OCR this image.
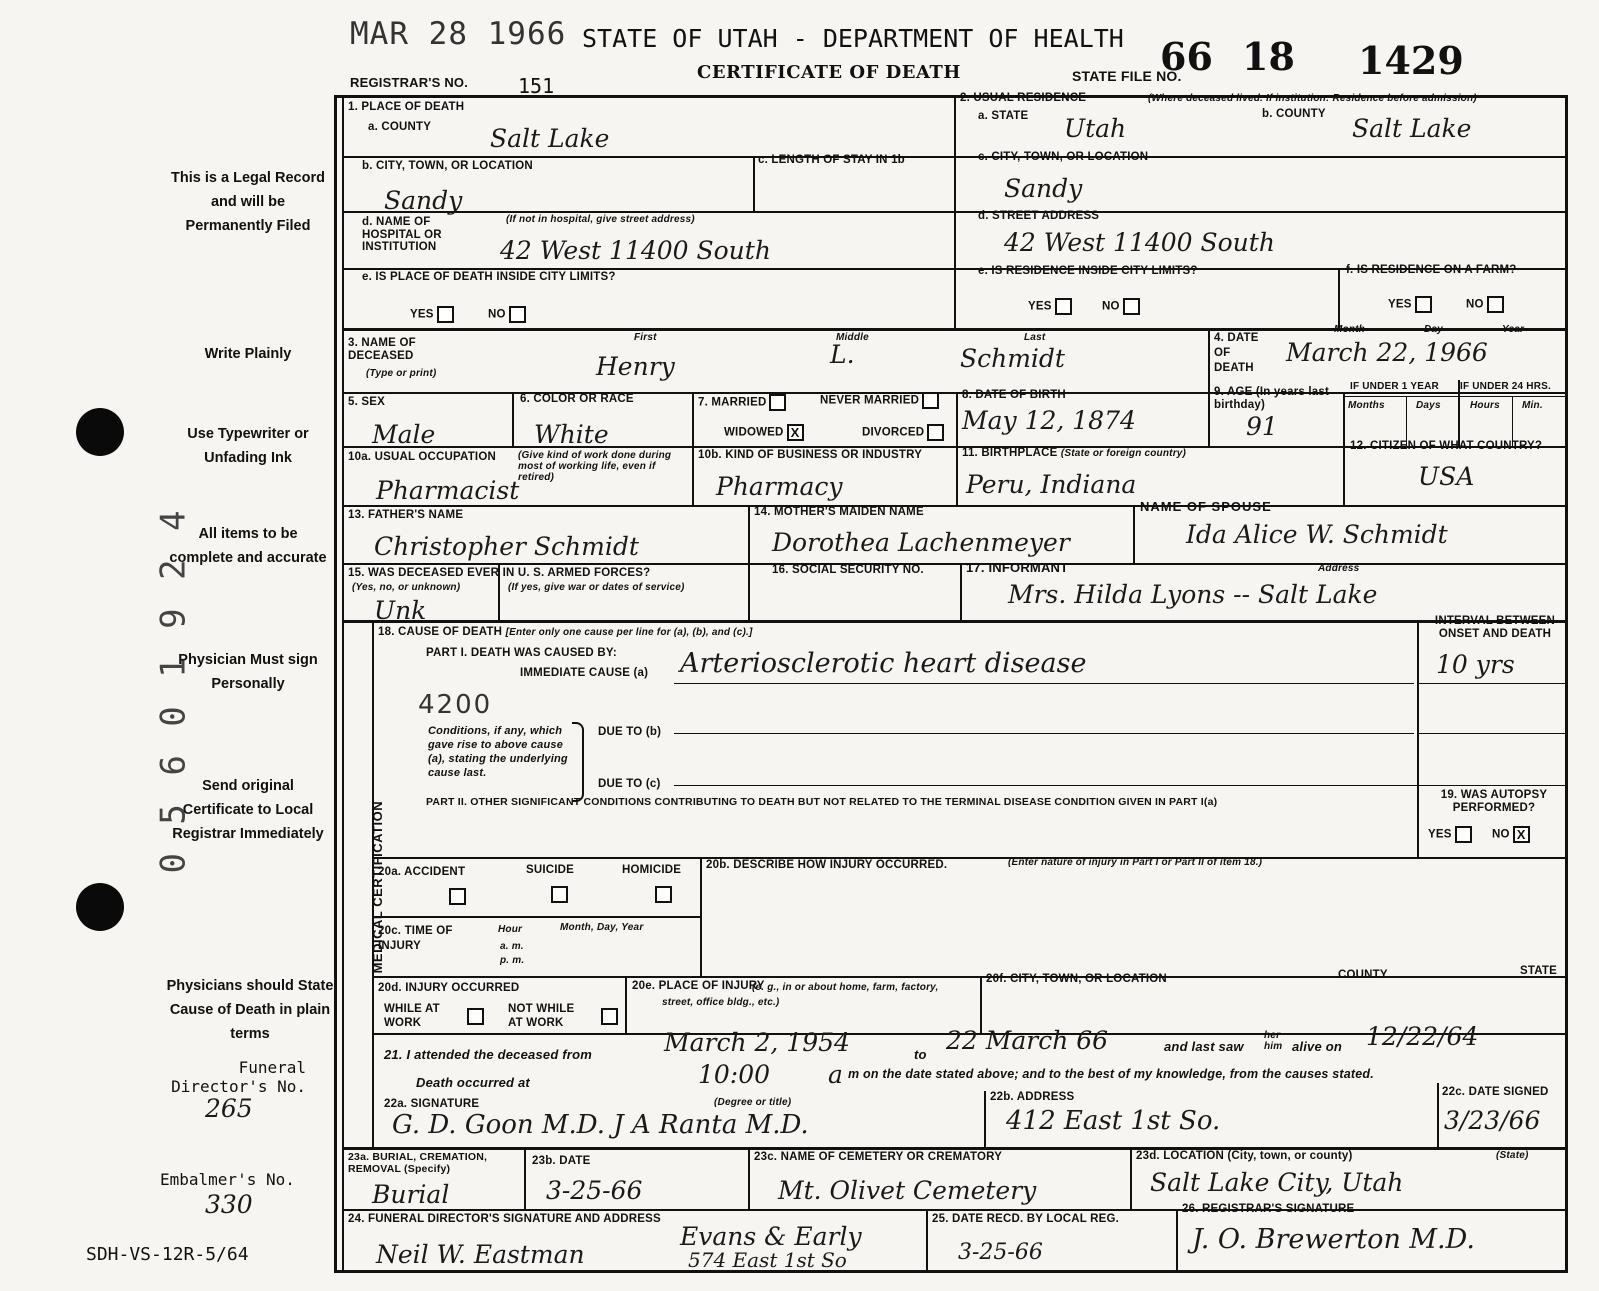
MAR 28 1966 STATE OF UTAH - DEPARTMENT OF HEALTH
CERTIFICATE OF DEATH
REGISTRAR'S NO. 151	STATE FILE NO.
66 18 1429
0 5 6 0 1 9 2 4
This is a Legal Record and will be Permanently Filed
Write Plainly
Use Typewriter or Unfading Ink
All items to be complete and accurate
Physician Must sign Personally
Send original Certificate to Local Registrar Immediately
Physicians should State Cause of Death in plain terms
Funeral Director's No.
265
Embalmer's No.
330
SDH-VS-12R-5/64
1. PLACE OF DEATH
a. COUNTY Salt Lake
2. USUAL RESIDENCE	(Where deceased lived. If institution: Residence before admission)
a. STATE Utah	b. COUNTY Salt Lake
b. CITY, TOWN, OR LOCATION
Sandy
c. LENGTH OF STAY IN 1b	c. CITY, TOWN, OR LOCATION
Sandy
d. NAME OF HOSPITAL OR INSTITUTION
(If not in hospital, give street address)
42 West 11400 South
d. STREET ADDRESS
42 West 11400 South
e. IS PLACE OF DEATH INSIDE CITY LIMITS?
YES	NO
e. IS RESIDENCE INSIDE CITY LIMITS?
YES	NO
f. IS RESIDENCE ON A FARM?
YES	NO
3. NAME OF DECEASED
(Type or print)
First	Middle	Last
Henry	L.	Schmidt
4. DATE OF DEATH
Month	Day	Year
March 22, 1966
5. SEX
Male
6. COLOR OR RACE
White
7. MARRIED	NEVER MARRIED
WIDOWED X	DIVORCED
8. DATE OF BIRTH
May 12, 1874
9. AGE (In years last birthday)
91
IF UNDER 1 YEAR IF UNDER 24 HRS.
Months	Days	Hours Min.
10a. USUAL OCCUPATION (Give kind of work done during most of working life, even if retired)
Pharmacist
10b. KIND OF BUSINESS OR INDUSTRY
Pharmacy
11. BIRTHPLACE (State or foreign country)
Peru, Indiana
12. CITIZEN OF WHAT COUNTRY?
USA
13. FATHER'S NAME
Christopher Schmidt
14. MOTHER'S MAIDEN NAME
Dorothea Lachenmeyer
NAME OF SPOUSE
Ida Alice W. Schmidt
15. WAS DECEASED EVER IN U. S. ARMED FORCES?
(Yes, no, or unknown)	(If yes, give war or dates of service)
Unk
16. SOCIAL SECURITY NO.	17. INFORMANT	Address
Mrs. Hilda Lyons -- Salt Lake
MEDICAL CERTIFICATION
18. CAUSE OF DEATH [Enter only one cause per line for (a), (b), and (c).]
PART I. DEATH WAS CAUSED BY:
IMMEDIATE CAUSE (a) Arteriosclerotic heart disease
INTERVAL BETWEEN ONSET AND DEATH
10 yrs
4200
Conditions, if any, which gave rise to above cause (a), stating the underlying cause last.
DUE TO (b)
DUE TO (c)
PART II. OTHER SIGNIFICANT CONDITIONS CONTRIBUTING TO DEATH BUT NOT RELATED TO THE TERMINAL DISEASE CONDITION GIVEN IN PART I(a)
19. WAS AUTOPSY PERFORMED?
YES	NO X
20a. ACCIDENT	SUICIDE	HOMICIDE 20b. DESCRIBE HOW INJURY OCCURRED.	(Enter nature of injury in Part I or Part II of item 18.)
20c. TIME OF INJURY
Hour
a. m.
p. m.
Month, Day, Year
20d. INJURY OCCURRED
WHILE AT WORK
NOT WHILE AT WORK
20e. PLACE OF INJURY
(e. g., in or about home, farm, factory, street, office bldg., etc.)
20f. CITY, TOWN, OR LOCATION	COUNTY	STATE
21. I attended the deceased from	March 2, 1954	to 22 March 66	and last saw
her him alive on 12/22/64
Death occurred at	10:00 a m on the date stated above; and to the best of my knowledge, from the causes stated.
22a. SIGNATURE	(Degree or title)
G. D. Goon M.D. J A Ranta M.D.
22b. ADDRESS
412 East 1st So.
22c. DATE SIGNED
3/23/66
(State)
23a. BURIAL, CREMATION, REMOVAL (Specify)
Burial
23b. DATE
3-25-66
23c. NAME OF CEMETERY OR CREMATORY
Mt. Olivet Cemetery
23d. LOCATION (City, town, or county)
Salt Lake City, Utah
24. FUNERAL DIRECTOR'S SIGNATURE AND ADDRESS
Neil W. Eastman
Evans & Early
574 East 1st So
25. DATE RECD. BY LOCAL REG.
3-25-66
26. REGISTRAR'S SIGNATURE
J. O. Brewerton M.D.
